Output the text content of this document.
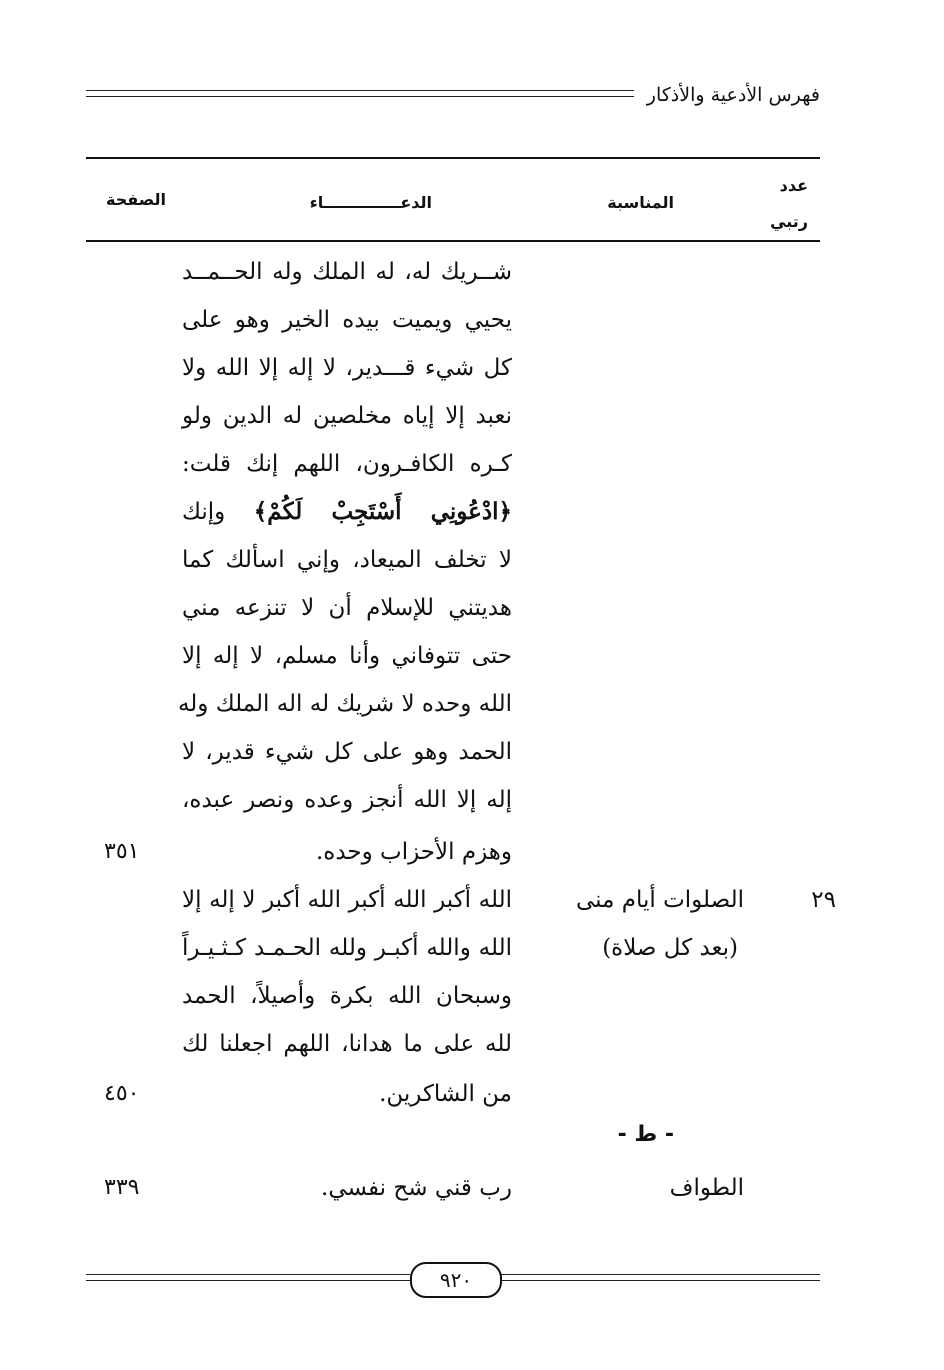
فهرس الأدعية والأذكار
عدد
رتبي
المناسبة
الدعــــــــــــــاء
الصفحة
شــريك له، له الملك وله الحــمــد
يحيي ويميت بيده الخير وهو على
كل شيء قـــدير، لا إله إلا الله ولا
نعبد إلا إياه مخلصين له الدين ولو
كـره الكافـرون، اللهم إنك قلت:
﴿ادْعُونِي أَسْتَجِبْ لَكُمْ﴾ وإنك
لا تخلف الميعاد، وإني اسألك كما
هديتني للإسلام أن لا تنزعه مني
حتى تتوفاني وأنا مسلم، لا إله إلا
الله وحده لا شريك له اله الملك وله
الحمد وهو على كل شيء قدير، لا
إله إلا الله أنجز وعده ونصر عبده،
وهزم الأحزاب وحده.
٣٥١
٢٩
الصلوات أيام منى
(بعد كل صلاة)
الله أكبر الله أكبر الله أكبر لا إله إلا
الله والله أكبـر ولله الحـمـد كـثـيـراً
وسبحان الله بكرة وأصيلاً، الحمد
لله على ما هدانا، اللهم اجعلنا لك
من الشاكرين.
٤٥٠
- ط -
الطواف
رب قني شح نفسي.
٣٣٩
٩٢٠
